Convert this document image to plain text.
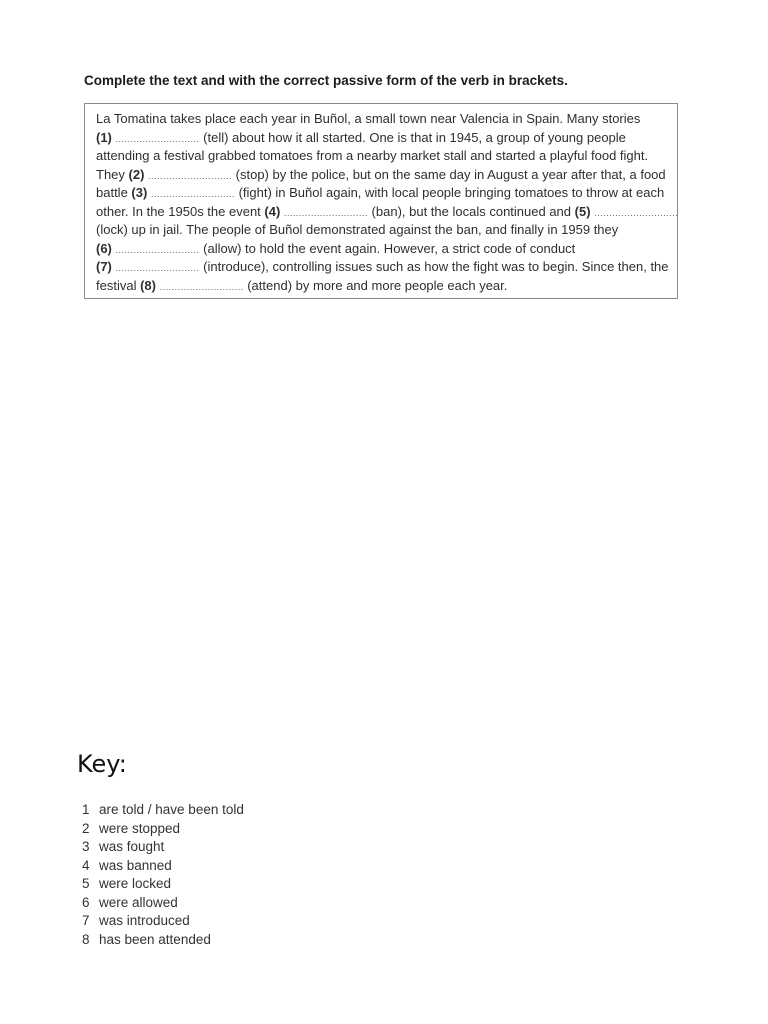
Complete the text and with the correct passive form of the verb in brackets.
La Tomatina takes place each year in Buñol, a small town near Valencia in Spain. Many stories
(1) ............................ (tell) about how it all started. One is that in 1945, a group of young people
attending a festival grabbed tomatoes from a nearby market stall and started a playful food fight.
They (2) ............................ (stop) by the police, but on the same day in August a year after that, a food
battle (3) ............................ (fight) in Buñol again, with local people bringing tomatoes to throw at each
other. In the 1950s the event (4) ............................ (ban), but the locals continued and (5) ............................
(lock) up in jail. The people of Buñol demonstrated against the ban, and finally in 1959 they
(6) ............................ (allow) to hold the event again. However, a strict code of conduct
(7) ............................ (introduce), controlling issues such as how the fight was to begin. Since then, the
festival (8) ............................ (attend) by more and more people each year.
Key:
1 are told / have been told
2 were stopped
3 was fought
4 was banned
5 were locked
6 were allowed
7 was introduced
8 has been attended
